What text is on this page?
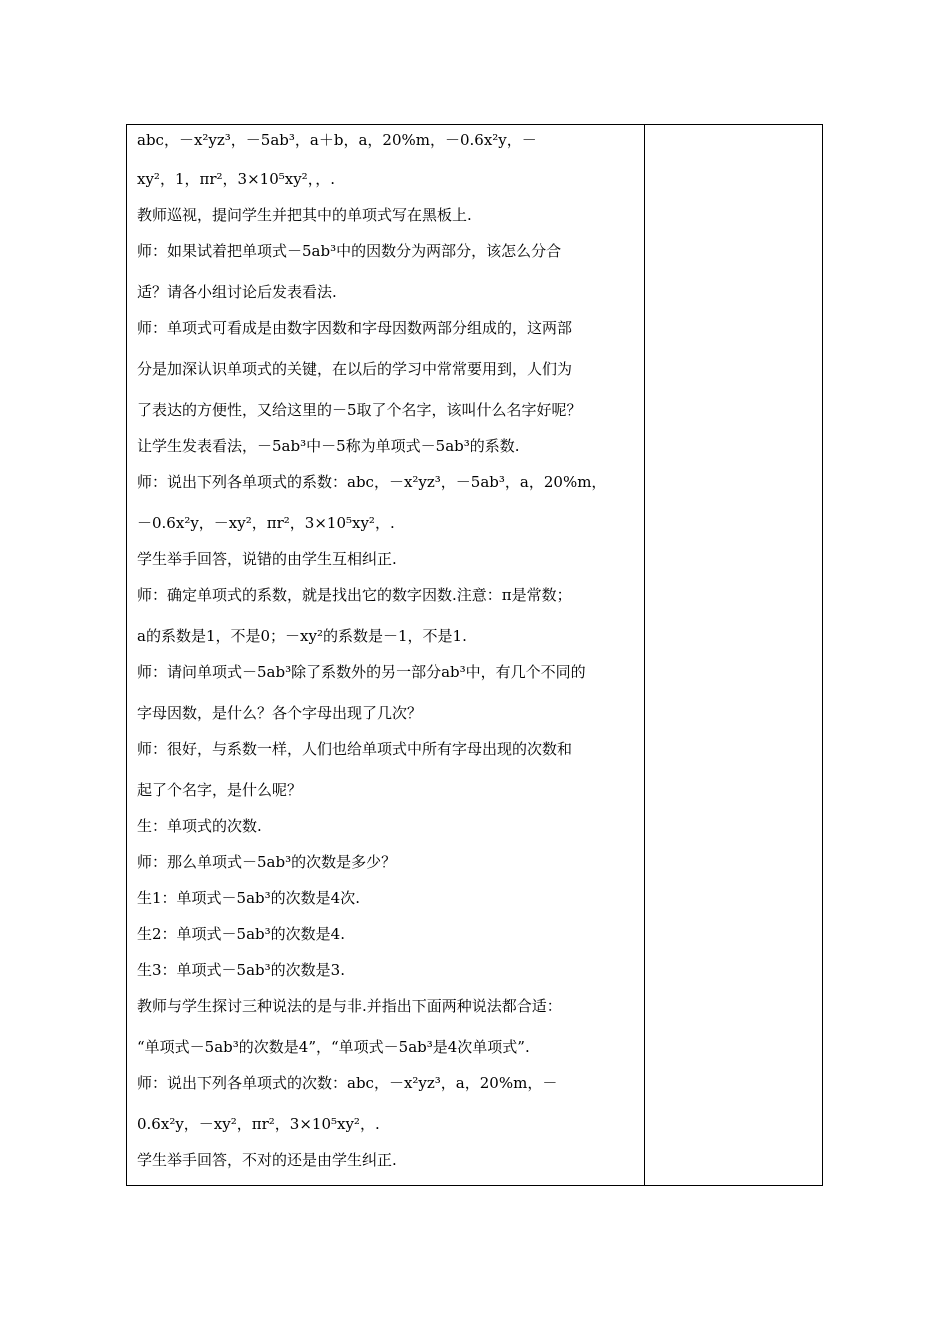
abc，－x²yz³，－5ab³，a＋b，a，20%m，－0.6x²y，－
xy²，1，πr²，3×10⁵xy²，，.
教师巡视，提问学生并把其中的单项式写在黑板上.
师：如果试着把单项式－5ab³中的因数分为两部分，该怎么分合
适？请各小组讨论后发表看法.
师：单项式可看成是由数字因数和字母因数两部分组成的，这两部
分是加深认识单项式的关键，在以后的学习中常常要用到，人们为
了表达的方便性，又给这里的－5取了个名字，该叫什么名字好呢？
让学生发表看法，－5ab³中－5称为单项式－5ab³的系数.
师：说出下列各单项式的系数：abc，－x²yz³，－5ab³，a，20%m，
－0.6x²y，－xy²，πr²，3×10⁵xy²，.
学生举手回答，说错的由学生互相纠正.
师：确定单项式的系数，就是找出它的数字因数.注意：π是常数；
a的系数是1，不是0；－xy²的系数是－1，不是1.
师：请问单项式－5ab³除了系数外的另一部分ab³中，有几个不同的
字母因数，是什么？各个字母出现了几次？
师：很好，与系数一样，人们也给单项式中所有字母出现的次数和
起了个名字，是什么呢？
生：单项式的次数.
师：那么单项式－5ab³的次数是多少？
生1：单项式－5ab³的次数是4次.
生2：单项式－5ab³的次数是4.
生3：单项式－5ab³的次数是3.
教师与学生探讨三种说法的是与非.并指出下面两种说法都合适：
“单项式－5ab³的次数是4”，“单项式－5ab³是4次单项式”.
师：说出下列各单项式的次数：abc，－x²yz³，a，20%m，－
0.6x²y，－xy²，πr²，3×10⁵xy²，.
学生举手回答，不对的还是由学生纠正.
